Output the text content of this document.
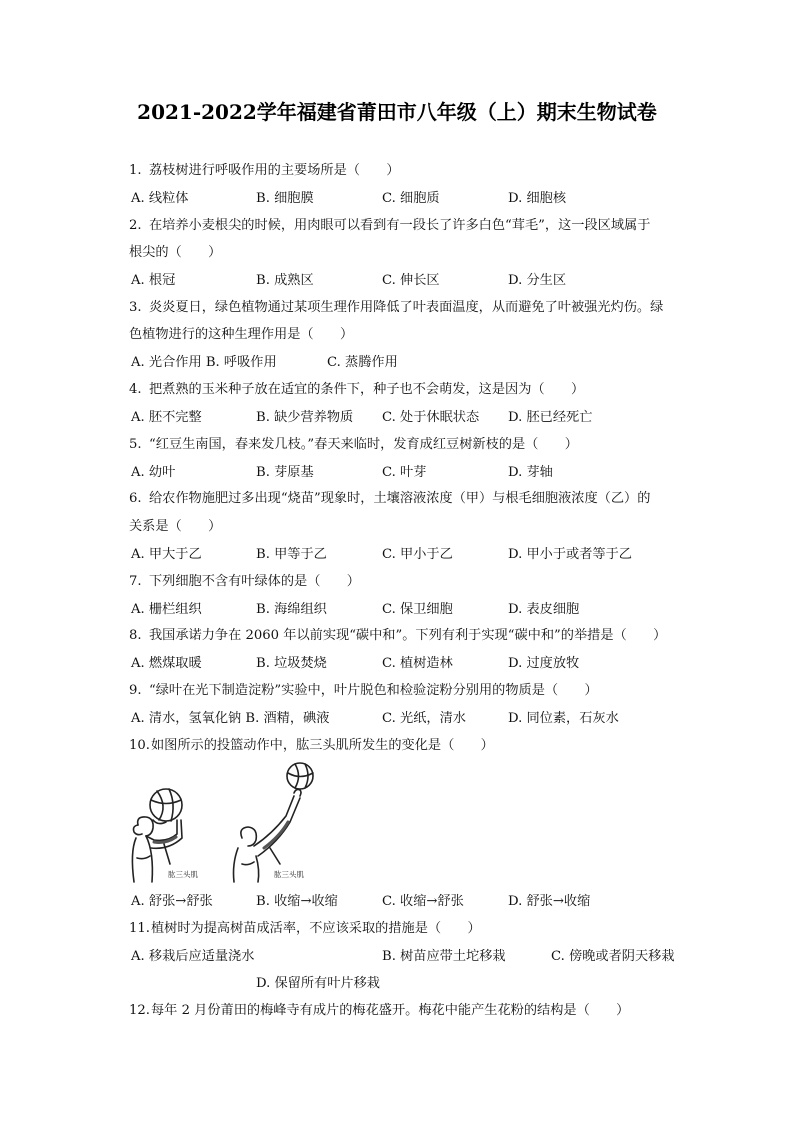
2021-2022学年福建省莆田市八年级（上）期末生物试卷
1. 荔枝树进行呼吸作用的主要场所是（　　）
A. 线粒体	B. 细胞膜	C. 细胞质	D. 细胞核
2. 在培养小麦根尖的时候，用肉眼可以看到有一段长了许多白色“茸毛”，这一段区域属于
根尖的（　　）
A. 根冠	B. 成熟区	C. 伸长区	D. 分生区
3. 炎炎夏日，绿色植物通过某项生理作用降低了叶表面温度，从而避免了叶被强光灼伤。绿
色植物进行的这种生理作用是（　　）
A. 光合作用 B. 呼吸作用	C. 蒸腾作用
4. 把煮熟的玉米种子放在适宜的条件下，种子也不会萌发，这是因为（　　）
A. 胚不完整	B. 缺少营养物质 C. 处于休眠状态 D. 胚已经死亡
5. “红豆生南国，春来发几枝。”春天来临时，发育成红豆树新枝的是（　　）
A. 幼叶	B. 芽原基	C. 叶芽	D. 芽轴
6. 给农作物施肥过多出现“烧苗”现象时，土壤溶液浓度（甲）与根毛细胞液浓度（乙）的
关系是（　　）
A. 甲大于乙	B. 甲等于乙	C. 甲小于乙	D. 甲小于或者等于乙
7. 下列细胞不含有叶绿体的是（　　）
A. 栅栏组织	B. 海绵组织	C. 保卫细胞	D. 表皮细胞
8. 我国承诺力争在 2060 年以前实现“碳中和”。下列有利于实现“碳中和”的举措是（　　）
A. 燃煤取暖	B. 垃圾焚烧	C. 植树造林	D. 过度放牧
9. “绿叶在光下制造淀粉”实验中，叶片脱色和检验淀粉分别用的物质是（　　）
A. 清水，氢氧化钠 B. 酒精，碘液	C. 光纸，清水	D. 同位素，石灰水
10.如图所示的投篮动作中，肱三头肌所发生的变化是（　　）
肱三头肌	肱三头肌
A. 舒张→舒张	B. 收缩→收缩	C. 收缩→舒张	D. 舒张→收缩
11.植树时为提高树苗成活率，不应该采取的措施是（　　）
A. 移栽后应适量浇水	B. 树苗应带土坨移栽	C. 傍晚或者阴天移栽
D. 保留所有叶片移栽
12.每年 2 月份莆田的梅峰寺有成片的梅花盛开。梅花中能产生花粉的结构是（　　）
